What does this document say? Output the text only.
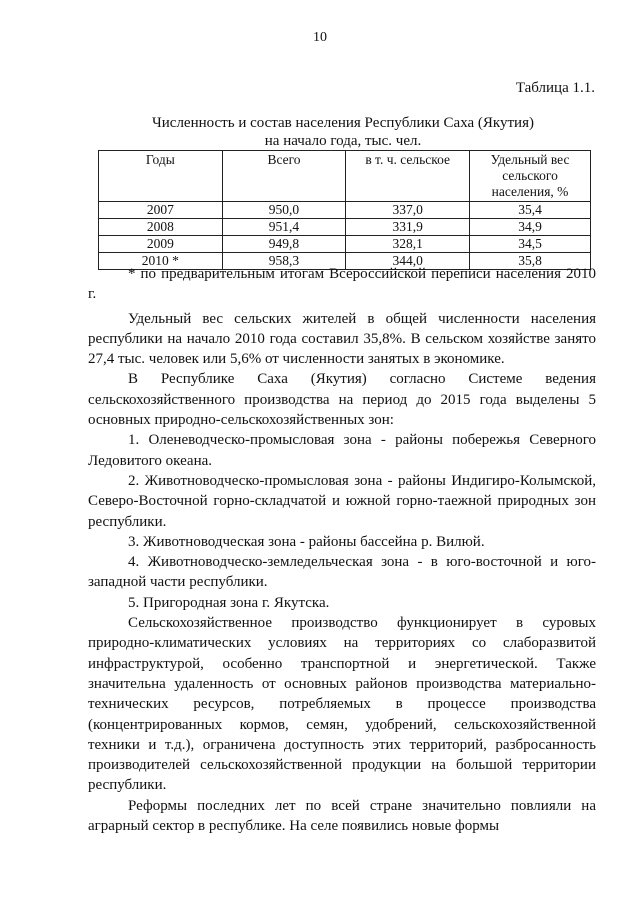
10
Таблица 1.1.
Численность и состав населения Республики Саха (Якутия)
на начало года, тыс. чел.
Годы	Всего	в т. ч. сельское	Удельный вес сельского населения, %
2007	950,0	337,0	35,4
2008	951,4	331,9	34,9
2009	949,8	328,1	34,5
2010 *	958,3	344,0	35,8

* по предварительным итогам Всероссийской переписи населения 2010 г.

Удельный вес сельских жителей в общей численности населения республики на начало 2010 года составил 35,8%. В сельском хозяйстве занято 27,4 тыс. человек или 5,6% от численности занятых в экономике.

В Республике Саха (Якутия) согласно Системе ведения сельскохозяйственного производства на период до 2015 года выделены 5 основных природно-сельскохозяйственных зон:

1. Оленеводческо-промысловая зона - районы побережья Северного Ледовитого океана.

2. Животноводческо-промысловая зона - районы Индигиро-Колымской, Северо-Восточной горно-складчатой и южной горно-таежной природных зон республики.

3. Животноводческая зона - районы бассейна р. Вилюй.

4. Животноводческо-земледельческая зона - в юго-восточной и юго-западной части республики.

5. Пригородная зона г. Якутска.

Сельскохозяйственное производство функционирует в суровых природно-климатических условиях на территориях со слаборазвитой инфраструктурой, особенно транспортной и энергетической. Также значительна удаленность от основных районов производства материально-технических ресурсов, потребляемых в процессе производства (концентрированных кормов, семян, удобрений, сельскохозяйственной техники и т.д.), ограничена доступность этих территорий, разбросанность производителей сельскохозяйственной продукции на большой территории республики.

Реформы последних лет по всей стране значительно повлияли на аграрный сектор в республике. На селе появились новые формы
